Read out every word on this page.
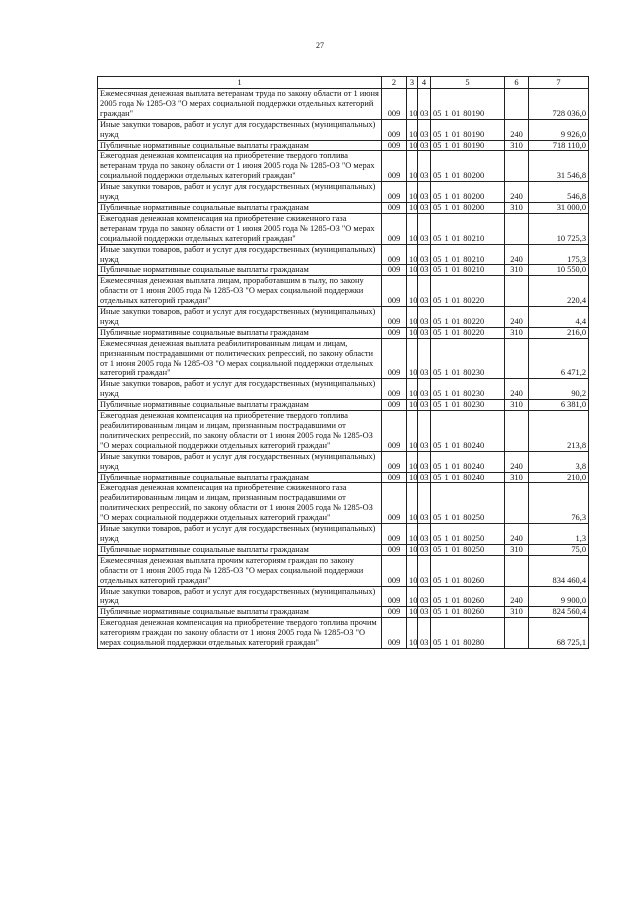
27
1	2	3	4	5	6	7
Ежемесячная денежная выплата ветеранам труда по закону области от 1 июня 2005 года № 1285-ОЗ "О мерах социальной поддержки отдельных категорий граждан"	009	10	03	05 1 01 80190		728 036,0
Иные закупки товаров, работ и услуг для государственных (муниципальных) нужд	009	10	03	05 1 01 80190	240	9 926,0
Публичные нормативные социальные выплаты гражданам	009	10	03	05 1 01 80190	310	718 110,0
Ежегодная денежная компенсация на приобретение твердого топлива ветеранам труда по закону области от 1 июня 2005 года № 1285-ОЗ "О мерах социальной поддержки отдельных категорий граждан"	009	10	03	05 1 01 80200		31 546,8
Иные закупки товаров, работ и услуг для государственных (муниципальных) нужд	009	10	03	05 1 01 80200	240	546,8
Публичные нормативные социальные выплаты гражданам	009	10	03	05 1 01 80200	310	31 000,0
Ежегодная денежная компенсация на приобретение сжиженного газа ветеранам труда по закону области от 1 июня 2005 года № 1285-ОЗ "О мерах социальной поддержки отдельных категорий граждан"	009	10	03	05 1 01 80210		10 725,3
Иные закупки товаров, работ и услуг для государственных (муниципальных) нужд	009	10	03	05 1 01 80210	240	175,3
Публичные нормативные социальные выплаты гражданам	009	10	03	05 1 01 80210	310	10 550,0
Ежемесячная денежная выплата лицам, проработавшим в тылу, по закону области от 1 июня 2005 года № 1285-ОЗ "О мерах социальной поддержки отдельных категорий граждан"	009	10	03	05 1 01 80220		220,4
Иные закупки товаров, работ и услуг для государственных (муниципальных) нужд	009	10	03	05 1 01 80220	240	4,4
Публичные нормативные социальные выплаты гражданам	009	10	03	05 1 01 80220	310	216,0
Ежемесячная денежная выплата реабилитированным лицам и лицам, признанным пострадавшими от политических репрессий, по закону области от 1 июня 2005 года № 1285-ОЗ "О мерах социальной поддержки отдельных категорий граждан"	009	10	03	05 1 01 80230		6 471,2
Иные закупки товаров, работ и услуг для государственных (муниципальных) нужд	009	10	03	05 1 01 80230	240	90,2
Публичные нормативные социальные выплаты гражданам	009	10	03	05 1 01 80230	310	6 381,0
Ежегодная денежная компенсация на приобретение твердого топлива реабилитированным лицам и лицам, признанным пострадавшими от политических репрессий, по закону области от 1 июня 2005 года № 1285-ОЗ "О мерах социальной поддержки отдельных категорий граждан"	009	10	03	05 1 01 80240		213,8
Иные закупки товаров, работ и услуг для государственных (муниципальных) нужд	009	10	03	05 1 01 80240	240	3,8
Публичные нормативные социальные выплаты гражданам	009	10	03	05 1 01 80240	310	210,0
Ежегодная денежная компенсация на приобретение сжиженного газа реабилитированным лицам и лицам, признанным пострадавшими от политических репрессий, по закону области от 1 июня 2005 года № 1285-ОЗ "О мерах социальной поддержки отдельных категорий граждан"	009	10	03	05 1 01 80250		76,3
Иные закупки товаров, работ и услуг для государственных (муниципальных) нужд	009	10	03	05 1 01 80250	240	1,3
Публичные нормативные социальные выплаты гражданам	009	10	03	05 1 01 80250	310	75,0
Ежемесячная денежная выплата прочим категориям граждан по закону области от 1 июня 2005 года № 1285-ОЗ "О мерах социальной поддержки отдельных категорий граждан"	009	10	03	05 1 01 80260		834 460,4
Иные закупки товаров, работ и услуг для государственных (муниципальных) нужд	009	10	03	05 1 01 80260	240	9 900,0
Публичные нормативные социальные выплаты гражданам	009	10	03	05 1 01 80260	310	824 560,4
Ежегодная денежная компенсация на приобретение твердого топлива прочим категориям граждан по закону области от 1 июня 2005 года № 1285-ОЗ "О мерах социальной поддержки отдельных категорий граждан"	009	10	03	05 1 01 80280		68 725,1
